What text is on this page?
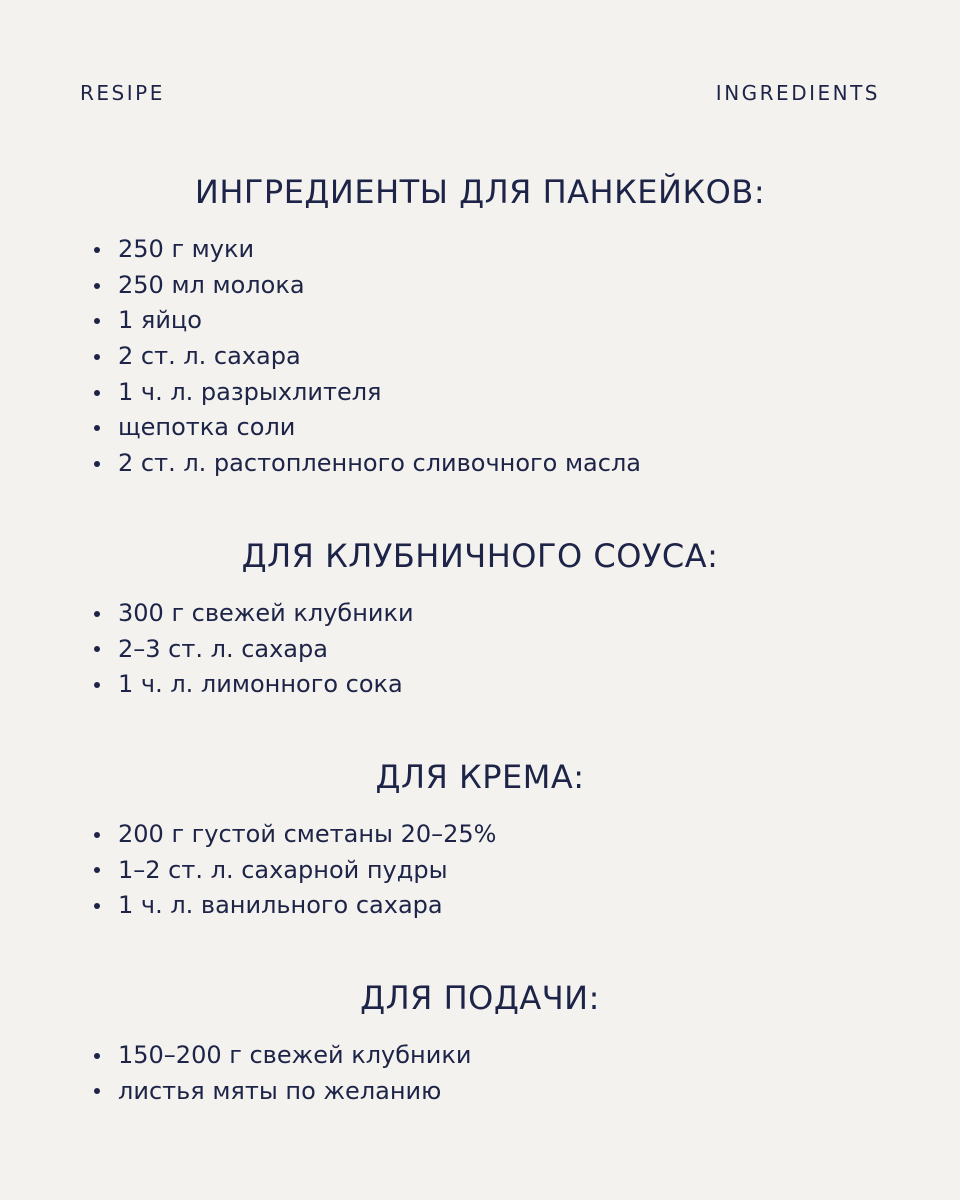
RESIPE	INGREDIENTS
ИНГРЕДИЕНТЫ ДЛЯ ПАНКЕЙКОВ:
250 г муки
250 мл молока
1 яйцо
2 ст. л. сахара
1 ч. л. разрыхлителя
щепотка соли
2 ст. л. растопленного сливочного масла
ДЛЯ КЛУБНИЧНОГО СОУСА:
300 г свежей клубники
2–3 ст. л. сахара
1 ч. л. лимонного сока
ДЛЯ КРЕМА:
200 г густой сметаны 20–25%
1–2 ст. л. сахарной пудры
1 ч. л. ванильного сахара
ДЛЯ ПОДАЧИ:
150–200 г свежей клубники
листья мяты по желанию
